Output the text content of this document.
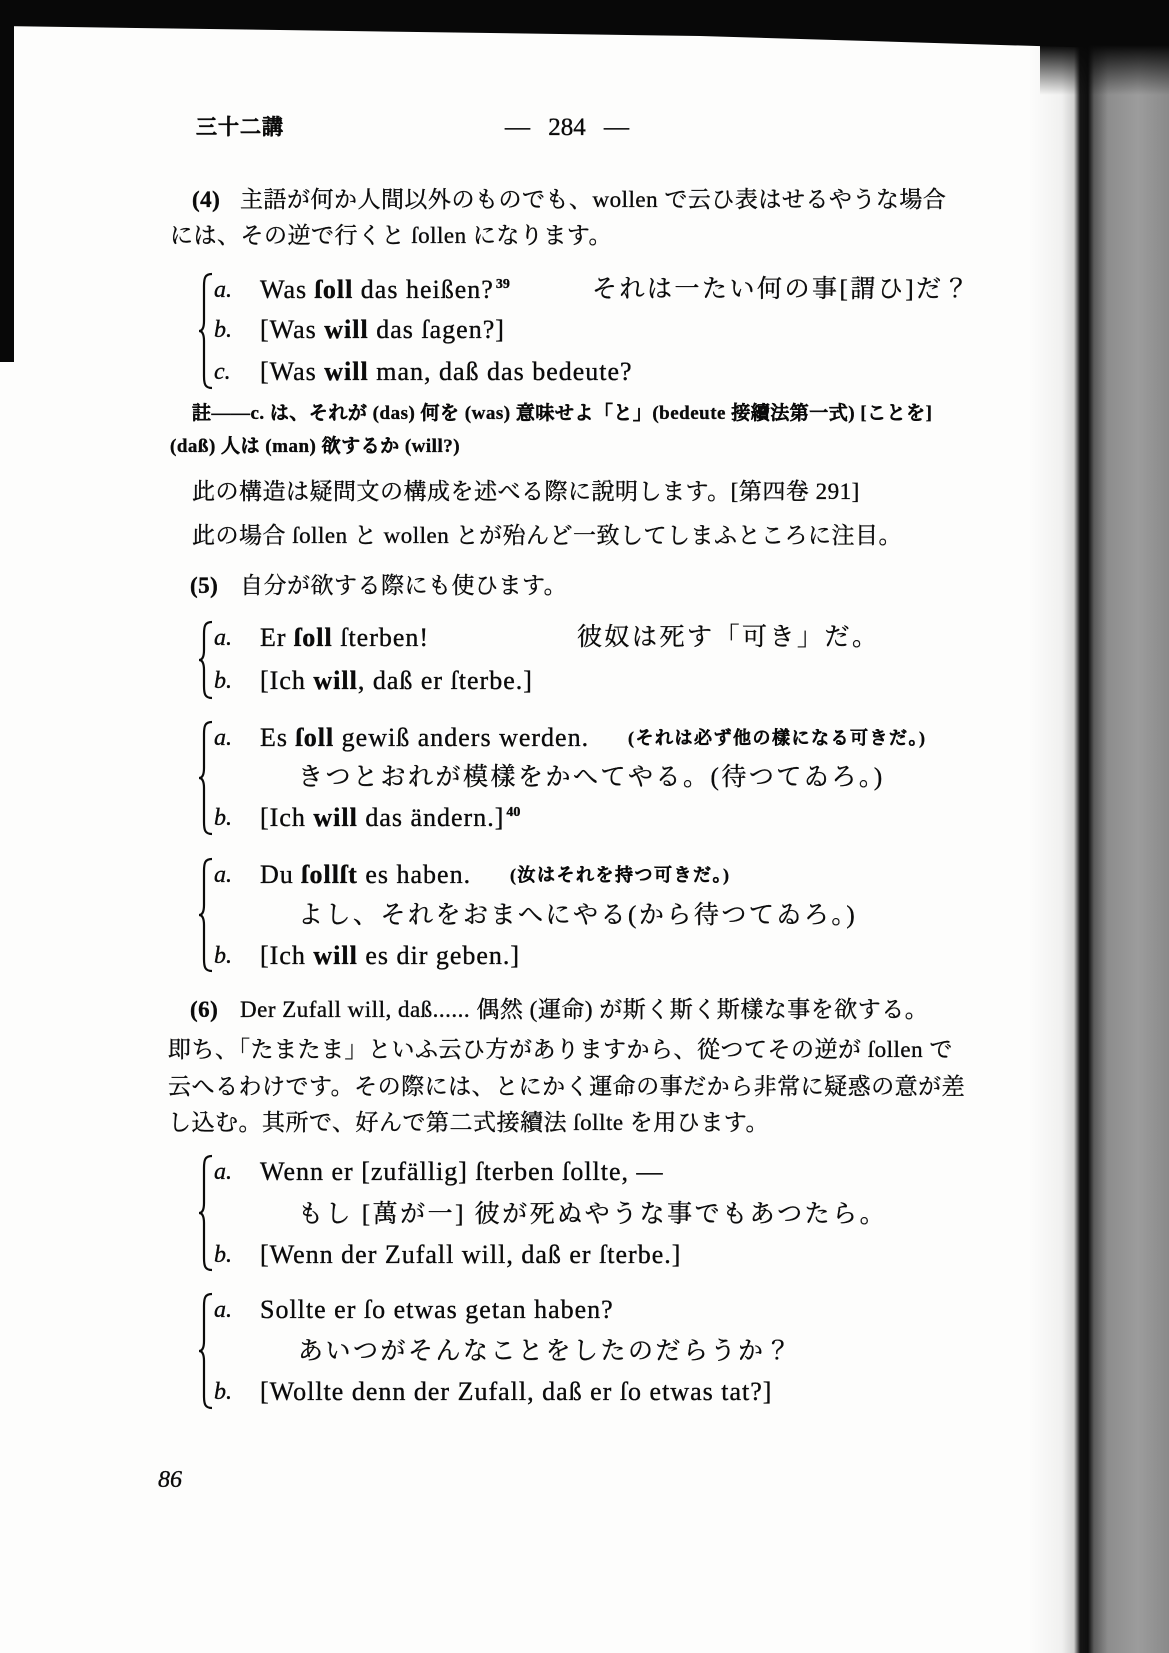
三十二講	— 284 —
(4) 主語が何か人間以外のものでも、wollen で云ひ表はせるやうな場合
には、その逆で行くと ſollen になります。
a. Was ſoll das heißen? $^{39}$	それは一たい何の事[謂ひ]だ？
b. [Was will das ſagen?]
c. [Was will man, daß das bedeute?
註——c. は、それが (das) 何を (was) 意味せよ「と」(bedeute 接續法第一式) [ことを]
(daß) 人は (man) 欲するか (will?)
此の構造は疑問文の構成を述べる際に說明します。[第四卷 291]
此の場合 ſollen と wollen とが殆んど一致してしまふところに注目。
(5) 自分が欲する際にも使ひます。
a. Er ſoll ſterben!	彼奴は死す「可き」だ。
b. [Ich will, daß er ſterbe.]
a. Es ſoll gewiß anders werden. (それは必ず他の樣になる可きだ。)
きつとおれが模樣をかへてやる。(待つてゐろ。)
b. [Ich will das ändern.] $^{40}$
a. Du ſollſt es haben. (汝はそれを持つ可きだ。)
よし、それをおまへにやる(から待つてゐろ。)
b. [Ich will es dir geben.]
(6) Der Zufall will, daß...... 偶然 (運命) が斯く斯く斯樣な事を欲する。
即ち、「たまたま」といふ云ひ方がありますから、從つてその逆が ſollen で
云へるわけです。その際には、とにかく運命の事だから非常に疑惑の意が差
し込む。其所で、好んで第二式接續法 ſollte を用ひます。
a. Wenn er [zufällig] ſterben ſollte, —
もし [萬が一] 彼が死ぬやうな事でもあつたら。
b. [Wenn der Zufall will, daß er ſterbe.]
a. Sollte er ſo etwas getan haben?
あいつがそんなことをしたのだらうか？
b. [Wollte denn der Zufall, daß er ſo etwas tat?]
86
